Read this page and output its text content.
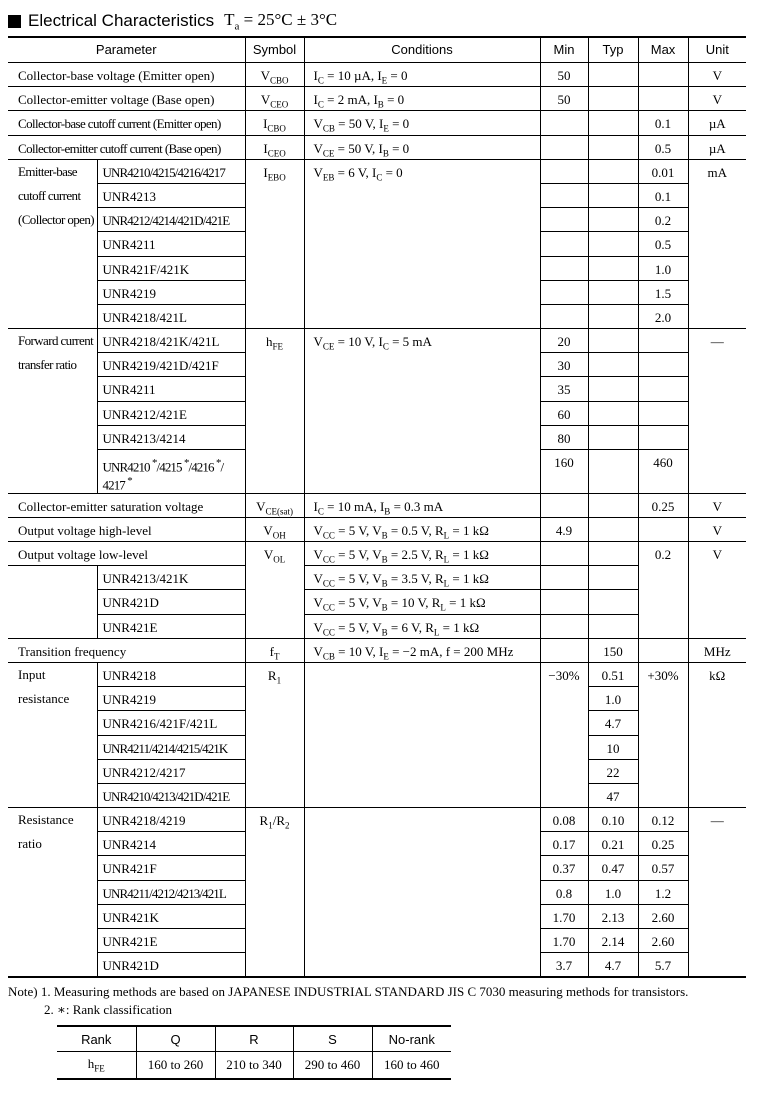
Electrical Characteristics $T_a = 25^\circ C \pm 3^\circ C$
Parameter		Symbol	Conditions	Min	Typ	Max	Unit
Collector-base voltage (Emitter open)		$V_{CBO}$	$I_C = 10$ µA, $I_E = 0$	50			V
Collector-emitter voltage (Base open)		$V_{CEO}$	$I_C = 2$ mA, $I_B = 0$	50			V
Collector-base cutoff current (Emitter open)		$I_{CBO}$	$V_{CB} = 50$ V, $I_E = 0$			0.1	µA
Collector-emitter cutoff current (Base open)		$I_{CEO}$	$V_{CE} = 50$ V, $I_B = 0$			0.5	µA
Emitter-base
cutoff current
(Collector open)	UNR4210/4215/4216/4217	$I_{EBO}$	$V_{EB} = 6$ V, $I_C = 0$			0.01	mA
	UNR4213					0.1	
	UNR4212/4214/421D/421E					0.2	
	UNR4211					0.5	
	UNR421F/421K					1.0	
	UNR4219					1.5	
	UNR4218/421L					2.0	
Forward current
transfer ratio	UNR4218/421K/421L	$h_{FE}$	$V_{CE} = 10$ V, $I_C = 5$ mA	20			—
	UNR4219/421D/421F			30			
	UNR4211			35			
	UNR4212/421E			60			
	UNR4213/4214			80			
	UNR4210 */4215 */4216 */
4217 *			160		460	
Collector-emitter saturation voltage		$V_{CE(sat)}$	$I_C = 10$ mA, $I_B = 0.3$ mA			0.25	V
Output voltage high-level		$V_{OH}$	$V_{CC} = 5$ V, $V_B = 0.5$ V, $R_L = 1$ kΩ	4.9			V
Output voltage low-level		$V_{OL}$	$V_{CC} = 5$ V, $V_B = 2.5$ V, $R_L = 1$ kΩ			0.2	V
	UNR4213/421K		$V_{CC} = 5$ V, $V_B = 3.5$ V, $R_L = 1$ kΩ				
	UNR421D		$V_{CC} = 5$ V, $V_B = 10$ V, $R_L = 1$ kΩ				
	UNR421E		$V_{CC} = 5$ V, $V_B = 6$ V, $R_L = 1$ kΩ				
Transition frequency		$f_T$	$V_{CB} = 10$ V, $I_E = -2$ mA, f = 200 MHz		150		MHz
Input
resistance	UNR4218	$R_1$		−30%	0.51	+30%	kΩ
	UNR4219				1.0		
	UNR4216/421F/421L				4.7		
	UNR4211/4214/4215/421K				10		
	UNR4212/4217				22		
	UNR4210/4213/421D/421E				47		
Resistance
ratio	UNR4218/4219	$R_1/R_2$		0.08	0.10	0.12	—
	UNR4214			0.17	0.21	0.25	
	UNR421F			0.37	0.47	0.57	
	UNR4211/4212/4213/421L			0.8	1.0	1.2	
	UNR421K			1.70	2.13	2.60	
	UNR421E			1.70	2.14	2.60	
	UNR421D			3.7	4.7	5.7	
Note) 1. Measuring methods are based on JAPANESE INDUSTRIAL STANDARD JIS C 7030 measuring methods for transistors.
2. ∗: Rank classification
Rank	Q	R	S	No-rank
$h_{FE}$	160 to 260	210 to 340	290 to 460	160 to 460
